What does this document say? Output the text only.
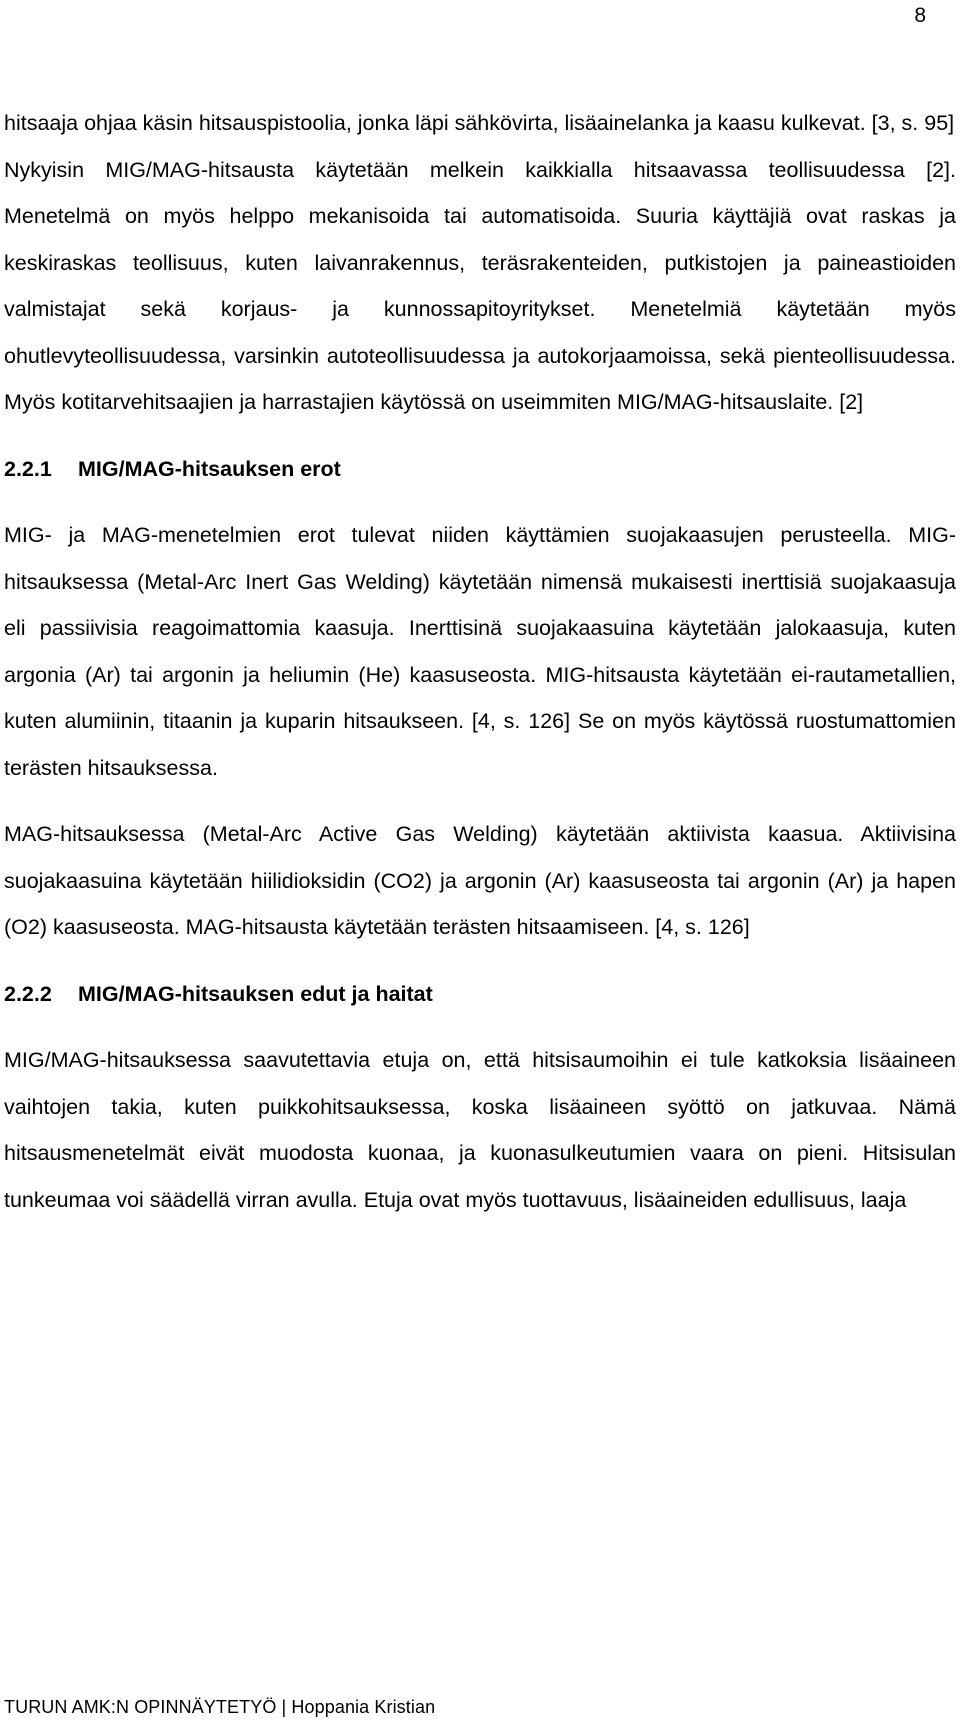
8

hitsaaja ohjaa käsin hitsauspistoolia, jonka läpi sähkövirta, lisäainelanka ja kaasu kulkevat. [3, s. 95]

Nykyisin MIG/MAG-hitsausta käytetään melkein kaikkialla hitsaavassa teollisuudessa [2]. Menetelmä on myös helppo mekanisoida tai automatisoida. Suuria käyttäjiä ovat raskas ja keskiraskas teollisuus, kuten laivanrakennus, teräsrakenteiden, putkistojen ja paineastioiden valmistajat sekä korjaus- ja kunnossapitoyritykset. Menetelmiä käytetään myös ohutlevyteollisuudessa, varsinkin autoteollisuudessa ja autokorjaamoissa, sekä pienteollisuudessa. Myös kotitarvehitsaajien ja harrastajien käytössä on useimmiten MIG/MAG-hitsauslaite. [2]

2.2.1 MIG/MAG-hitsauksen erot

MIG- ja MAG-menetelmien erot tulevat niiden käyttämien suojakaasujen perusteella. MIG-hitsauksessa (Metal-Arc Inert Gas Welding) käytetään nimensä mukaisesti inerttisiä suojakaasuja eli passiivisia reagoimattomia kaasuja. Inerttisinä suojakaasuina käytetään jalokaasuja, kuten argonia (Ar) tai argonin ja heliumin (He) kaasuseosta. MIG-hitsausta käytetään ei-rautametallien, kuten alumiinin, titaanin ja kuparin hitsaukseen. [4, s. 126] Se on myös käytössä ruostumattomien terästen hitsauksessa.

MAG-hitsauksessa (Metal-Arc Active Gas Welding) käytetään aktiivista kaasua. Aktiivisina suojakaasuina käytetään hiilidioksidin (CO2) ja argonin (Ar) kaasuseosta tai argonin (Ar) ja hapen (O2) kaasuseosta. MAG-hitsausta käytetään terästen hitsaamiseen. [4, s. 126]

2.2.2 MIG/MAG-hitsauksen edut ja haitat

MIG/MAG-hitsauksessa saavutettavia etuja on, että hitsisaumoihin ei tule katkoksia lisäaineen vaihtojen takia, kuten puikkohitsauksessa, koska lisäaineen syöttö on jatkuvaa. Nämä hitsausmenetelmät eivät muodosta kuonaa, ja kuonasulkeutumien vaara on pieni. Hitsisulan tunkeumaa voi säädellä virran avulla. Etuja ovat myös tuottavuus, lisäaineiden edullisuus, laaja

TURUN AMK:N OPINNÄYTETYÖ | Hoppania Kristian
